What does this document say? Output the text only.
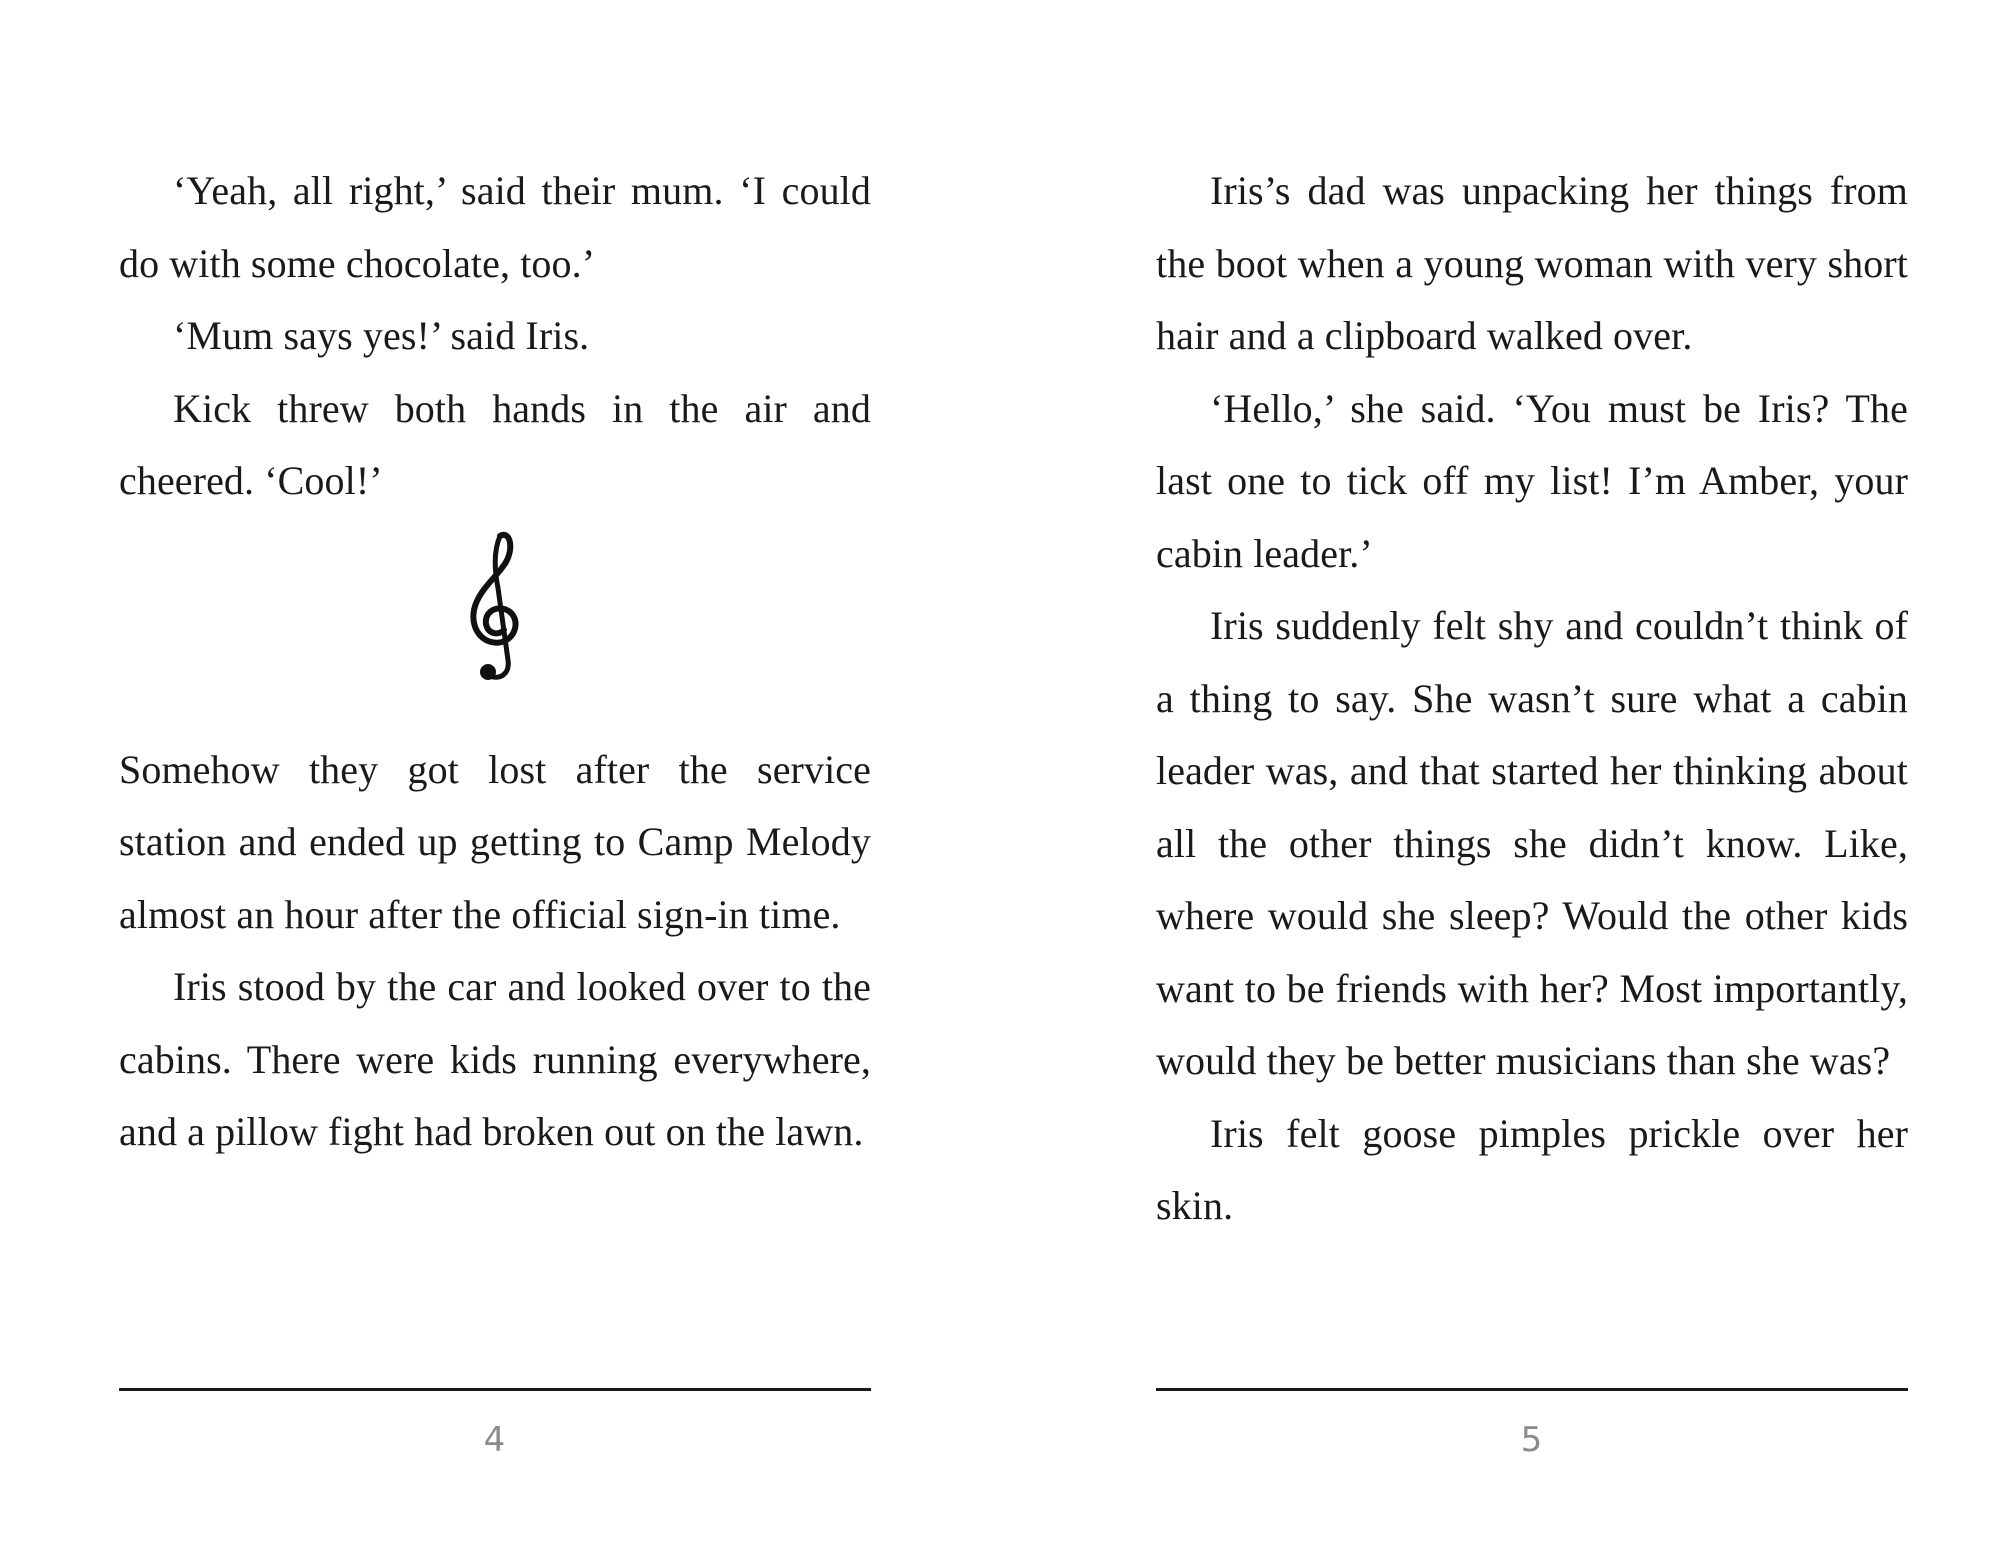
‘Yeah, all right,’ said their mum. ‘I could do with some chocolate, too.’

‘Mum says yes!’ said Iris.

Kick threw both hands in the air and cheered. ‘Cool!’

Somehow they got lost after the service station and ended up getting to Camp Melody almost an hour after the official sign-in time.

Iris stood by the car and looked over to the cabins. There were kids running everywhere, and a pillow fight had broken out on the lawn.

4

Iris’s dad was unpacking her things from the boot when a young woman with very short hair and a clipboard walked over.

‘Hello,’ she said. ‘You must be Iris? The last one to tick off my list! I’m Amber, your cabin leader.’

Iris suddenly felt shy and couldn’t think of a thing to say. She wasn’t sure what a cabin leader was, and that started her thinking about all the other things she didn’t know. Like, where would she sleep? Would the other kids want to be friends with her? Most importantly, would they be better musicians than she was?

Iris felt goose pimples prickle over her skin.

5
